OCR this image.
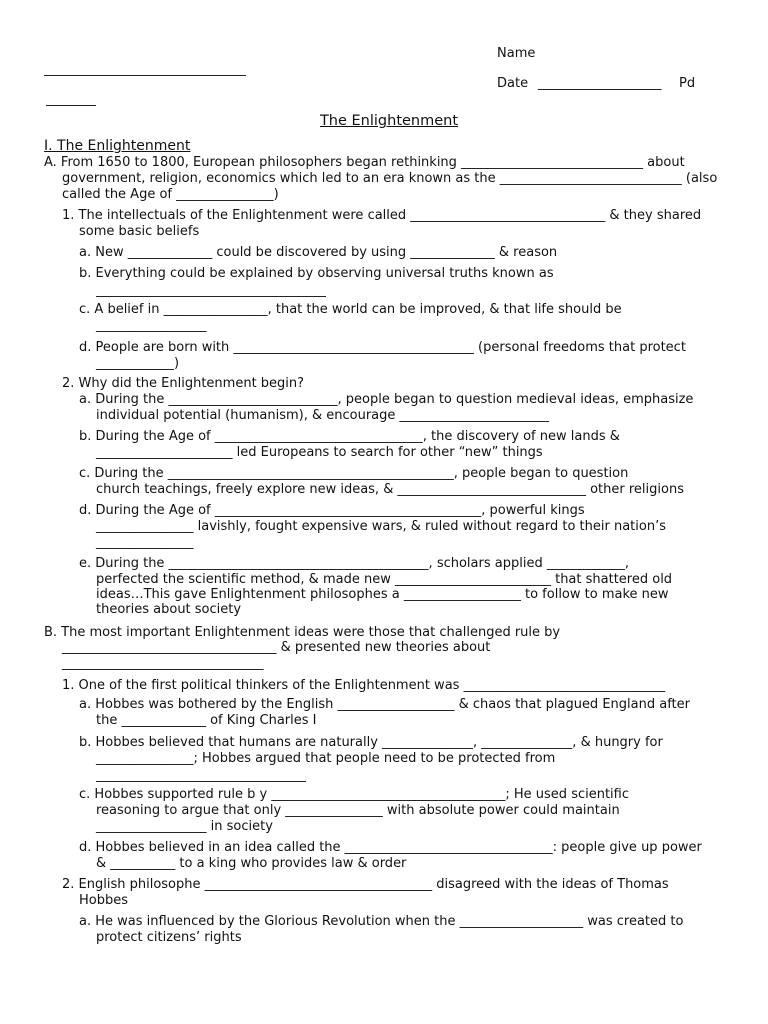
Name
Date ___________________ Pd
The Enlightenment
I. The Enlightenment
A. From 1650 to 1800, European philosophers began rethinking ____________________________ about
government, religion, economics which led to an era known as the ____________________________ (also
called the Age of _______________)
1. The intellectuals of the Enlightenment were called ______________________________ & they shared
some basic beliefs
a. New _____________ could be discovered by using _____________ & reason
b. Everything could be explained by observing universal truths known as
c. A belief in ________________, that the world can be improved, & that life should be
_________________
d. People are born with _____________________________________ (personal freedoms that protect
____________)
2. Why did the Enlightenment begin?
a. During the __________________________, people began to question medieval ideas, emphasize
individual potential (humanism), & encourage _______________________
b. During the Age of ________________________________, the discovery of new lands &
_____________________ led Europeans to search for other “new” things
c. During the ____________________________________________, people began to question
church teachings, freely explore new ideas, & _____________________________ other religions
d. During the Age of _________________________________________, powerful kings
_______________ lavishly, fought expensive wars, & ruled without regard to their nation’s
_______________
e. During the ________________________________________, scholars applied ____________,
perfected the scientific method, & made new ________________________ that shattered old
ideas…This gave Enlightenment philosophes a __________________ to follow to make new
theories about society
B. The most important Enlightenment ideas were those that challenged rule by
_________________________________ & presented new theories about
_______________________________
1. One of the first political thinkers of the Enlightenment was _______________________________
a. Hobbes was bothered by the English __________________ & chaos that plagued England after
the _____________ of King Charles I
b. Hobbes believed that humans are naturally ______________, ______________, & hungry for
_______________; Hobbes argued that people need to be protected from
c. Hobbes supported rule b y ____________________________________; He used scientific
reasoning to argue that only _______________ with absolute power could maintain
_________________ in society
d. Hobbes believed in an idea called the ________________________________: people give up power
& __________ to a king who provides law & order
2. English philosophe ___________________________________ disagreed with the ideas of Thomas
Hobbes
a. He was influenced by the Glorious Revolution when the ___________________ was created to
protect citizens’ rights
